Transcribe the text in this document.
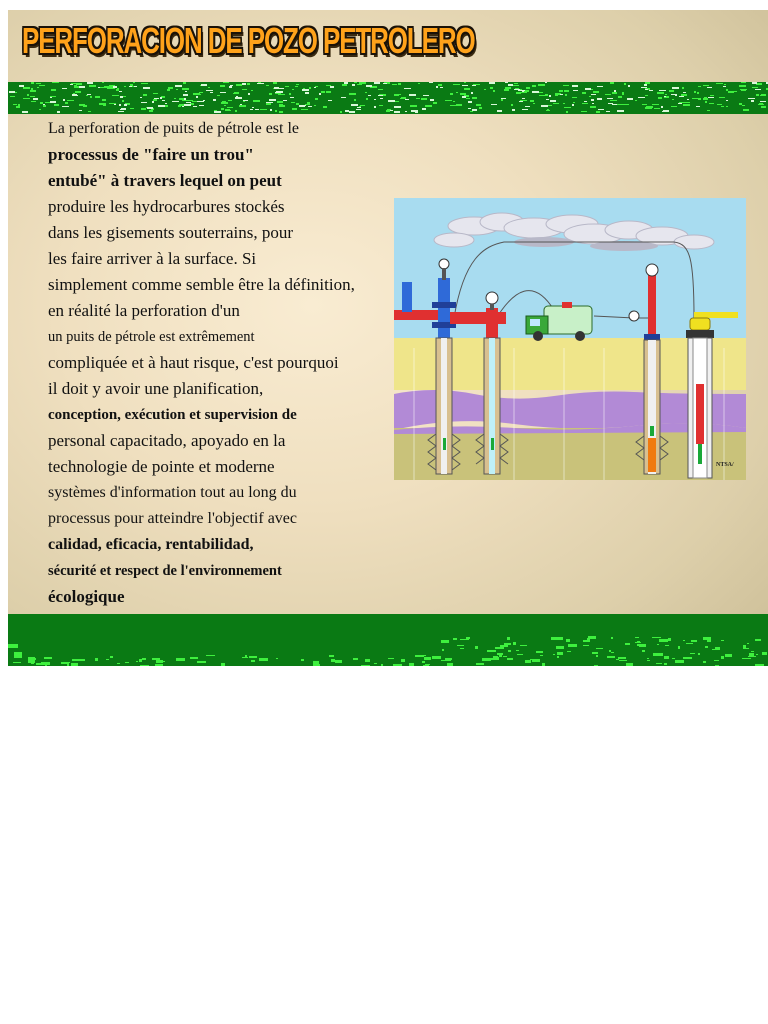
PERFORACION DE POZO PETROLERO
La perforation de puits de pétrole est le
processus de "faire un trou"
entubé" à travers lequel on peut
produire les hydrocarbures stockés
dans les gisements souterrains, pour
les faire arriver à la surface. Si
simplement comme semble être la définition,
en réalité la perforation d'un
un puits de pétrole est extrêmement
compliquée et à haut risque, c'est pourquoi
il doit y avoir une planification,
conception, exécution et supervision de
personal capacitado, apoyado en la
technologie de pointe et moderne
systèmes d'information tout au long du
processus pour atteindre l'objectif avec
calidad, eficacia, rentabilidad,
sécurité et respect de l'environnement
écologique
NTSA/
